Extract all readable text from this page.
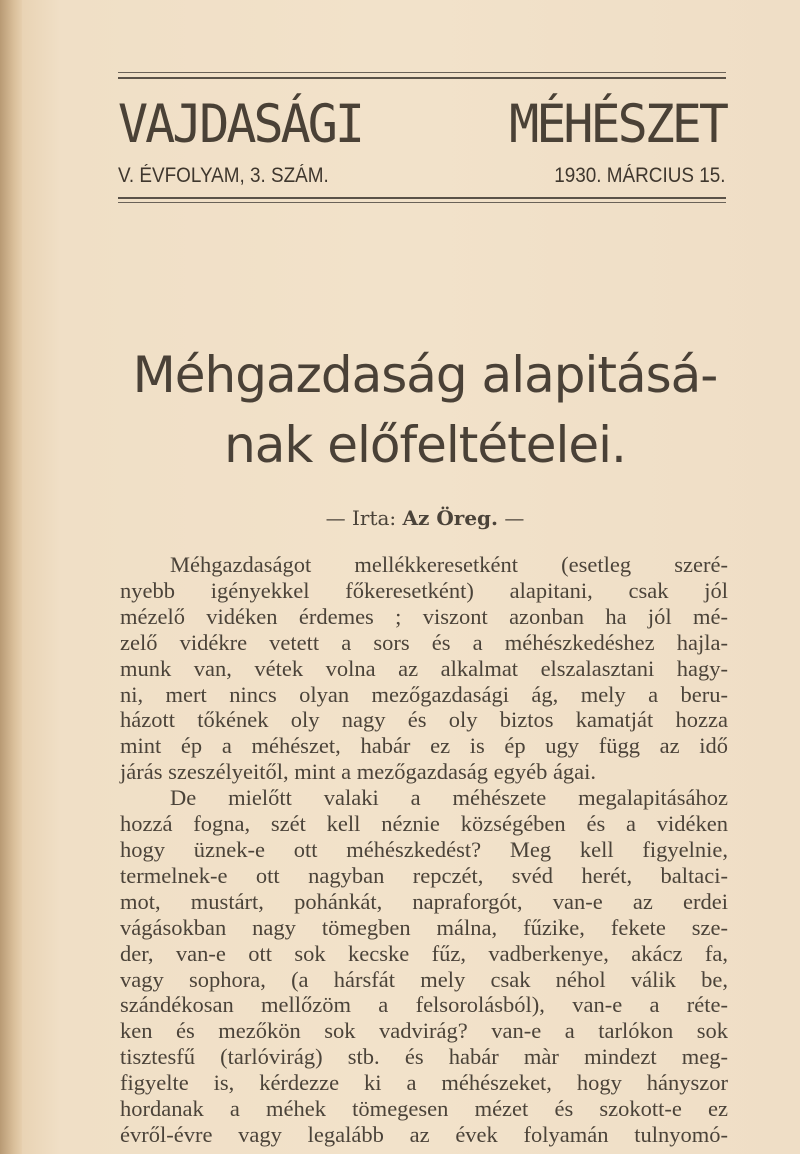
VAJDASÁGI MÉHÉSZET
V. ÉVFOLYAM, 3. SZÁM.	1930. MÁRCIUS 15.
Méhgazdaság alapitásá-
nak előfeltételei.
— Irta: Az Öreg. —
Méhgazdaságot mellékkeresetként (esetleg szeré-
nyebb igényekkel főkeresetként) alapitani, csak jól
mézelő vidéken érdemes ; viszont azonban ha jól mé-
zelő vidékre vetett a sors és a méhészkedéshez hajla-
munk van, vétek volna az alkalmat elszalasztani hagy-
ni, mert nincs olyan mezőgazdasági ág, mely a beru-
házott tőkének oly nagy és oly biztos kamatját hozza
mint ép a méhészet, habár ez is ép ugy függ az idő
járás szeszélyeitől, mint a mezőgazdaság egyéb ágai.
De mielőtt valaki a méhészete megalapitásához
hozzá fogna, szét kell néznie községében és a vidéken
hogy üznek-e ott méhészkedést? Meg kell figyelnie,
termelnek-e ott nagyban repczét, svéd herét, baltaci-
mot, mustárt, pohánkát, napraforgót, van-e az erdei
vágásokban nagy tömegben málna, fűzike, fekete sze-
der, van-e ott sok kecske fűz, vadberkenye, akácz fa,
vagy sophora, (a hársfát mely csak néhol válik be,
szándékosan mellőzöm a felsorolásból), van-e a réte-
ken és mezőkön sok vadvirág? van-e a tarlókon sok
tisztesfű (tarlóvirág) stb. és habár màr mindezt meg-
figyelte is, kérdezze ki a méhészeket, hogy hányszor
hordanak a méhek tömegesen mézet és szokott-e ez
évről-évre vagy legalább az évek folyamán tulnyomó-
